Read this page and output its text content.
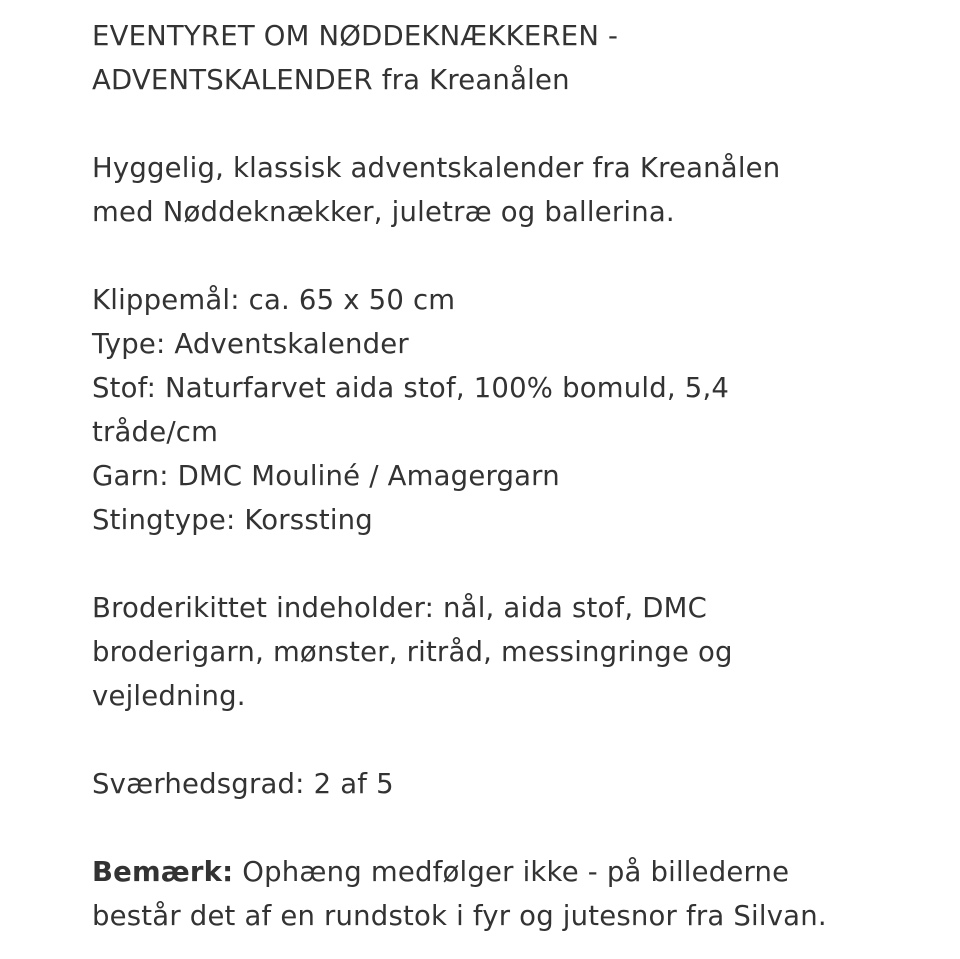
EVENTYRET OM NØDDEKNÆKKEREN -
ADVENTSKALENDER fra Kreanålen

Hyggelig, klassisk adventskalender fra Kreanålen
med Nøddeknækker, juletræ og ballerina.

Klippemål: ca. 65 x 50 cm
Type: Adventskalender
Stof: Naturfarvet aida stof, 100% bomuld, 5,4
tråde/cm
Garn: DMC Mouliné / Amagergarn
Stingtype: Korssting

Broderikittet indeholder: nål, aida stof, DMC
broderigarn, mønster, ritråd, messingringe og
vejledning.

Sværhedsgrad: 2 af 5

Bemærk: Ophæng medfølger ikke - på billederne
består det af en rundstok i fyr og jutesnor fra Silvan.
